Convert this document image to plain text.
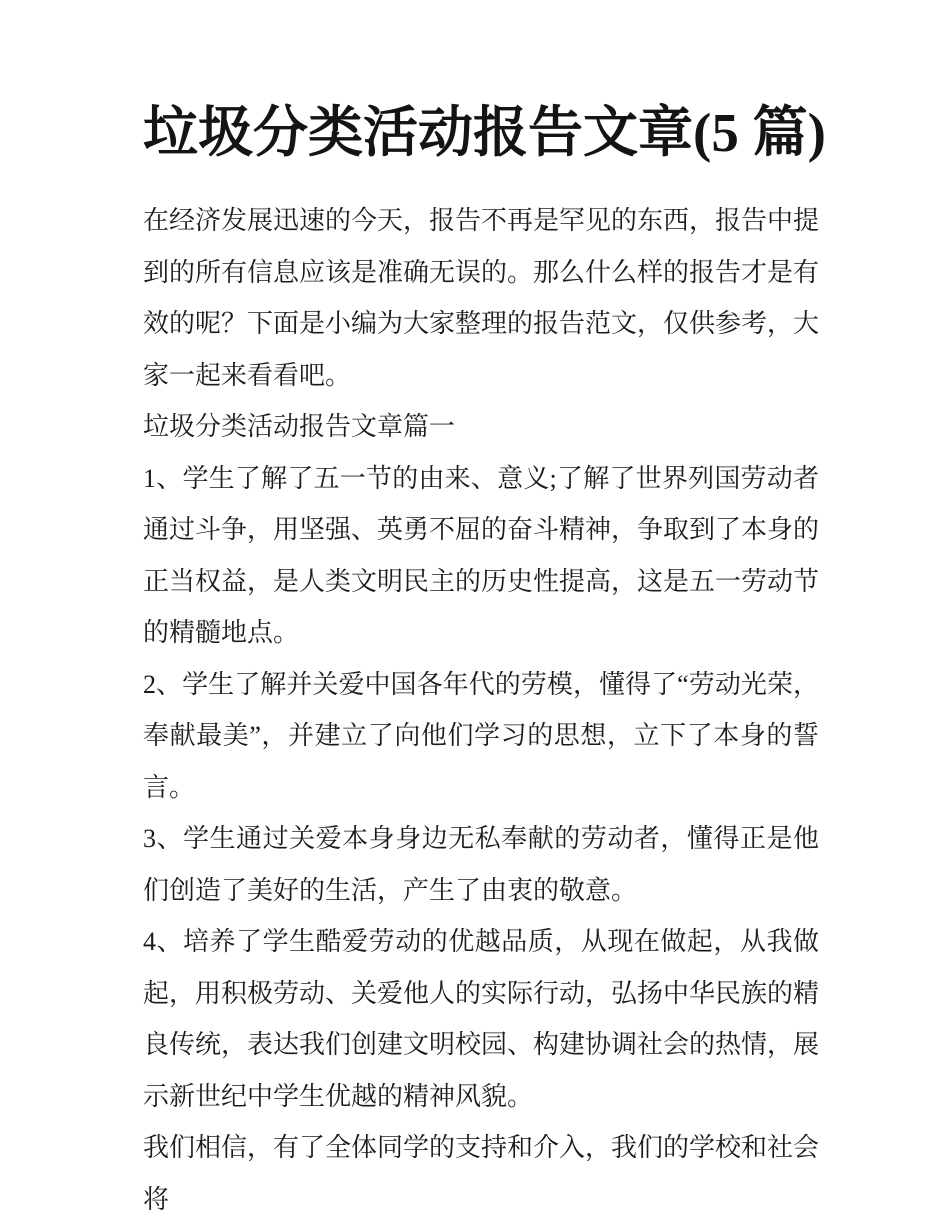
垃圾分类活动报告文章(5 篇)

在经济发展迅速的今天，报告不再是罕见的东西，报告中提到的所有信息应该是准确无误的。那么什么样的报告才是有效的呢？下面是小编为大家整理的报告范文，仅供参考，大家一起来看看吧。

垃圾分类活动报告文章篇一

1、学生了解了五一节的由来、意义;了解了世界列国劳动者通过斗争，用坚强、英勇不屈的奋斗精神，争取到了本身的正当权益，是人类文明民主的历史性提高，这是五一劳动节的精髓地点。

2、学生了解并关爱中国各年代的劳模，懂得了“劳动光荣，奉献最美”，并建立了向他们学习的思想，立下了本身的誓言。

3、学生通过关爱本身身边无私奉献的劳动者，懂得正是他们创造了美好的生活，产生了由衷的敬意。

4、培养了学生酷爱劳动的优越品质，从现在做起，从我做起，用积极劳动、关爱他人的实际行动，弘扬中华民族的精良传统，表达我们创建文明校园、构建协调社会的热情，展示新世纪中学生优越的精神风貌。

我们相信，有了全体同学的支持和介入，我们的学校和社会将
